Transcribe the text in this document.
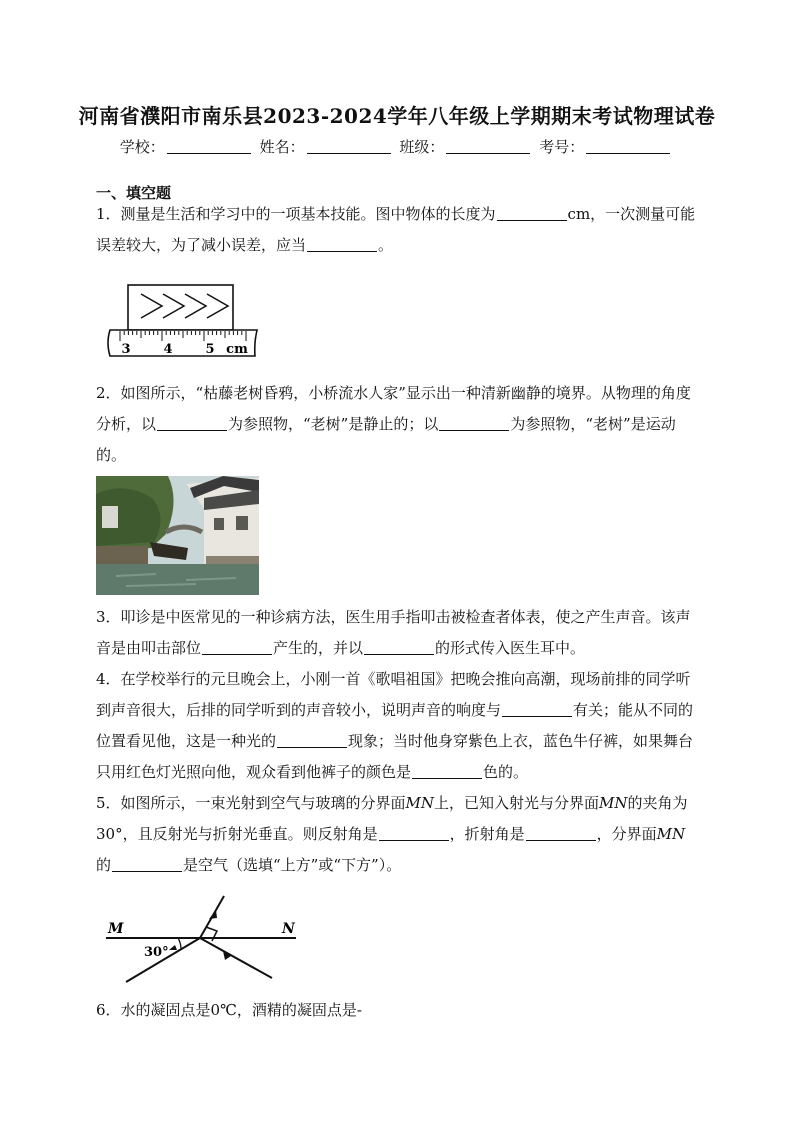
河南省濮阳市南乐县2023-2024学年八年级上学期期末考试物理试卷
学校：	姓名：	班级：	考号：
一、填空题
1．测量是生活和学习中的一项基本技能。图中物体的长度为	cm，一次测量可能误差较大，为了减小误差，应当	。
3	4	5 cm
2．如图所示，“枯藤老树昏鸦，小桥流水人家”显示出一种清新幽静的境界。从物理的角度分析，以	为参照物，“老树”是静止的；以	为参照物，“老树”是运动的。
3．叩诊是中医常见的一种诊病方法，医生用手指叩击被检查者体表，使之产生声音。该声音是由叩击部位	产生的，并以	的形式传入医生耳中。
4．在学校举行的元旦晚会上，小刚一首《歌唱祖国》把晚会推向高潮，现场前排的同学听到声音很大，后排的同学听到的声音较小，说明声音的响度与	有关；能从不同的位置看见他，这是一种光的	现象；当时他身穿紫色上衣，蓝色牛仔裤，如果舞台只用红色灯光照向他，观众看到他裤子的颜色是	色的。
5．如图所示，一束光射到空气与玻璃的分界面MN上，已知入射光与分界面MN的夹角为30°，且反射光与折射光垂直。则反射角是	，折射角是	，分界面MN的	是空气（选填“上方”或“下方”）。
M	N
30°
6．水的凝固点是0℃，酒精的凝固点是-
